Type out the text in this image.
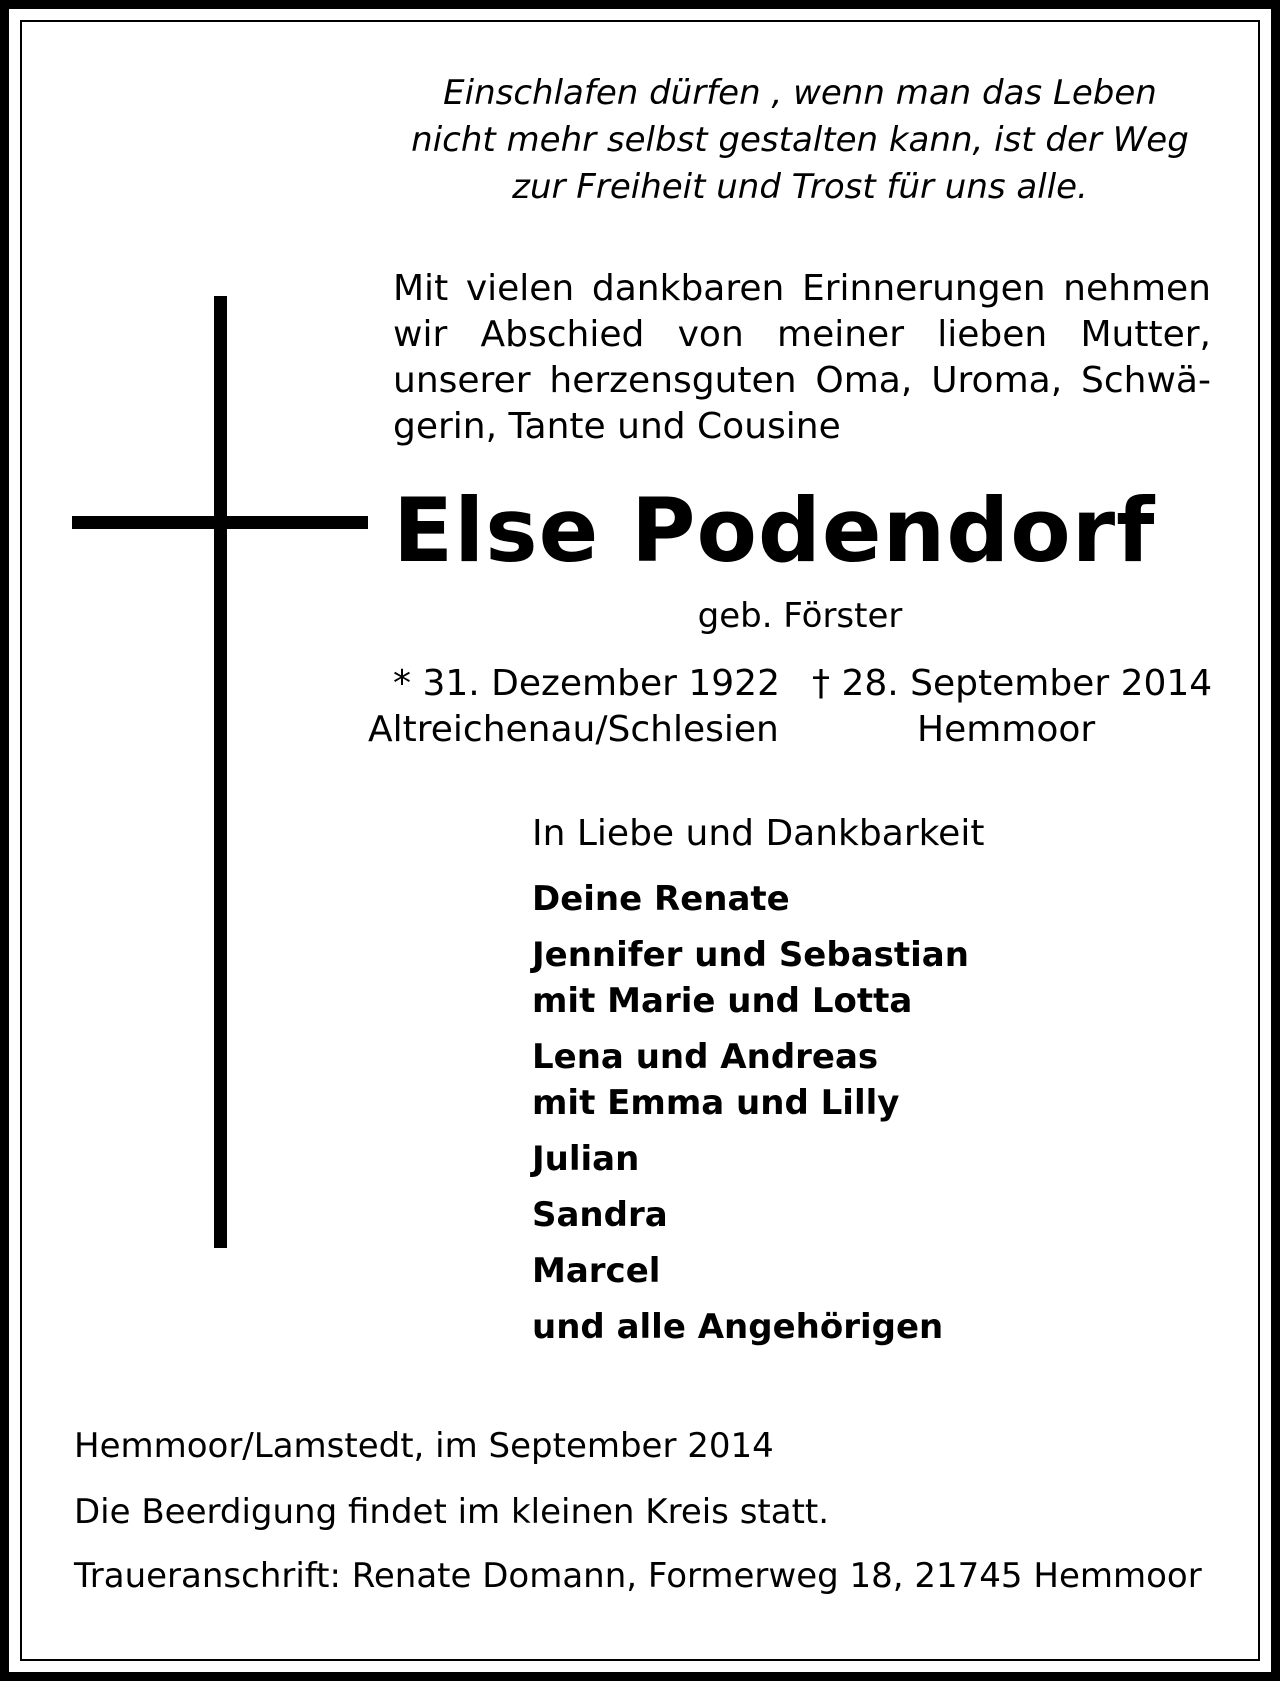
Einschlafen dürfen , wenn man das Leben
nicht mehr selbst gestalten kann, ist der Weg
zur Freiheit und Trost für uns alle.
Mit vielen dankbaren Erinnerungen nehmen
wir Abschied von meiner lieben Mutter,
unserer herzensguten Oma, Uroma, Schwä-
gerin, Tante und Cousine
Else Podendorf
geb. Förster
* 31. Dezember 1922 † 28. September 2014
Altreichenau/Schlesien	Hemmoor
In Liebe und Dankbarkeit
Deine Renate
Jennifer und Sebastian
mit Marie und Lotta
Lena und Andreas
mit Emma und Lilly
Julian
Sandra
Marcel
und alle Angehörigen
Hemmoor/Lamstedt, im September 2014
Die Beerdigung findet im kleinen Kreis statt.
Traueranschrift: Renate Domann, Formerweg 18, 21745 Hemmoor
